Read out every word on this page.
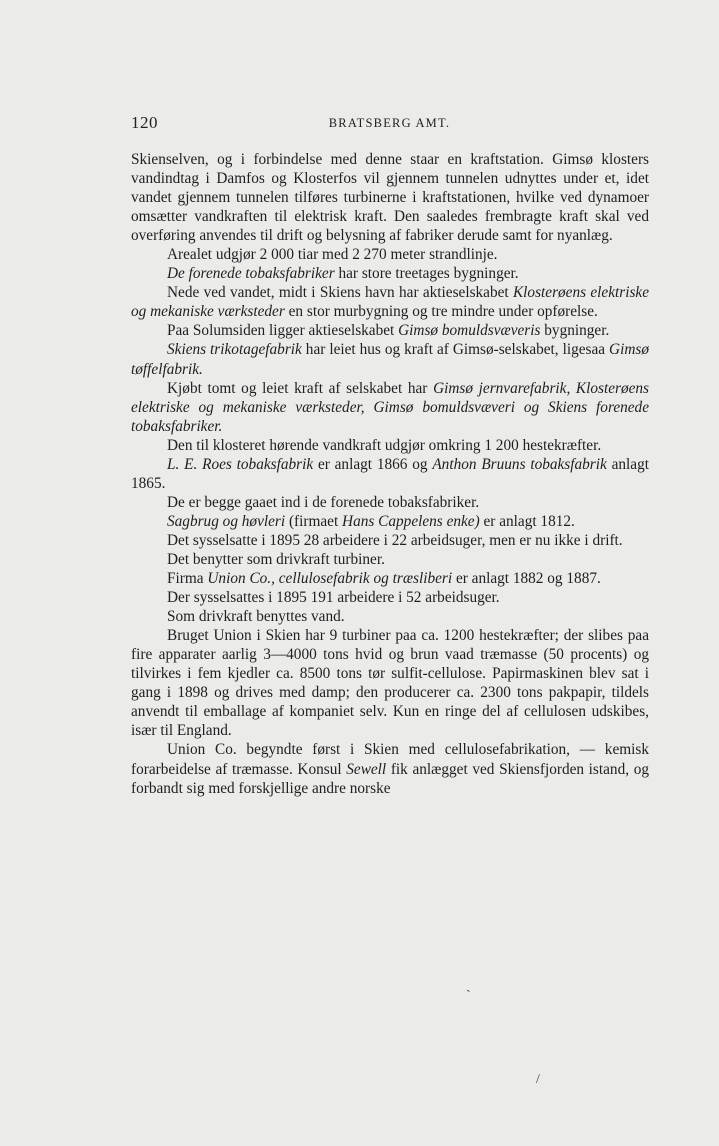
120	BRATSBERG AMT.

Skienselven, og i forbindelse med denne staar en kraftstation. Gimsø klosters vandindtag i Damfos og Klosterfos vil gjennem tunnelen udnyttes under et, idet vandet gjennem tunnelen tilføres turbinerne i kraftstationen, hvilke ved dynamoer omsætter vandkraften til elektrisk kraft. Den saaledes frembragte kraft skal ved overføring anvendes til drift og belysning af fabriker derude samt for nyanlæg.

Arealet udgjør 2 000 tiar med 2 270 meter strandlinje.

De forenede tobaksfabriker har store treetages bygninger.

Nede ved vandet, midt i Skiens havn har aktieselskabet Klosterøens elektriske og mekaniske værksteder en stor murbygning og tre mindre under opførelse.

Paa Solumsiden ligger aktieselskabet Gimsø bomuldsvæveris bygninger.

Skiens trikotagefabrik har leiet hus og kraft af Gimsø-selskabet, ligesaa Gimsø tøffelfabrik.

Kjøbt tomt og leiet kraft af selskabet har Gimsø jernvarefabrik, Klosterøens elektriske og mekaniske værksteder, Gimsø bomuldsvæveri og Skiens forenede tobaksfabriker.

Den til klosteret hørende vandkraft udgjør omkring 1 200 hestekræfter.

L. E. Roes tobaksfabrik er anlagt 1866 og Anthon Bruuns tobaksfabrik anlagt 1865.

De er begge gaaet ind i de forenede tobaksfabriker.

Sagbrug og høvleri (firmaet Hans Cappelens enke) er anlagt 1812.

Det sysselsatte i 1895 28 arbeidere i 22 arbeidsuger, men er nu ikke i drift.

Det benytter som drivkraft turbiner.

Firma Union Co., cellulosefabrik og træsliberi er anlagt 1882 og 1887.

Der sysselsattes i 1895 191 arbeidere i 52 arbeidsuger.

Som drivkraft benyttes vand.

Bruget Union i Skien har 9 turbiner paa ca. 1200 hestekræfter; der slibes paa fire apparater aarlig 3—4000 tons hvid og brun vaad træmasse (50 procents) og tilvirkes i fem kjedler ca. 8500 tons tør sulfit-cellulose. Papirmaskinen blev sat i gang i 1898 og drives med damp; den producerer ca. 2300 tons pakpapir, tildels anvendt til emballage af kompaniet selv. Kun en ringe del af cellulosen udskibes, især til England.

Union Co. begyndte først i Skien med cellulosefabrikation, — kemisk forarbeidelse af træmasse. Konsul Sewell fik anlægget ved Skiensfjorden istand, og forbandt sig med forskjellige andre norske

ˏ
/
